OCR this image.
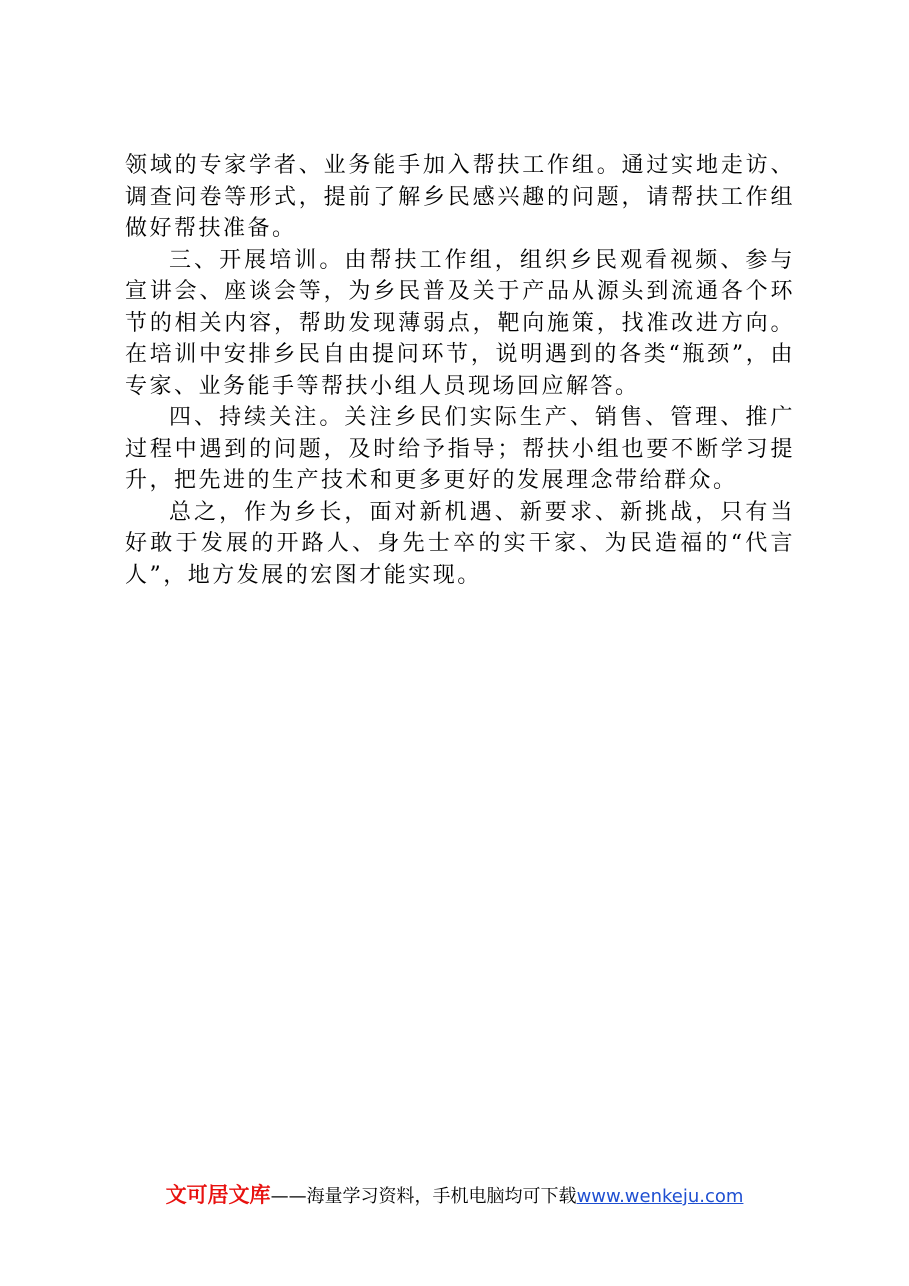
领域的专家学者、业务能手加入帮扶工作组。通过实地走访、调查问卷等形式，提前了解乡民感兴趣的问题，请帮扶工作组做好帮扶准备。

三、开展培训。由帮扶工作组，组织乡民观看视频、参与宣讲会、座谈会等，为乡民普及关于产品从源头到流通各个环节的相关内容，帮助发现薄弱点，靶向施策，找准改进方向。在培训中安排乡民自由提问环节，说明遇到的各类“瓶颈”，由专家、业务能手等帮扶小组人员现场回应解答。

四、持续关注。关注乡民们实际生产、销售、管理、推广过程中遇到的问题，及时给予指导；帮扶小组也要不断学习提升，把先进的生产技术和更多更好的发展理念带给群众。

总之，作为乡长，面对新机遇、新要求、新挑战，只有当好敢于发展的开路人、身先士卒的实干家、为民造福的“代言人”，地方发展的宏图才能实现。

文可居文库——海量学习资料，手机电脑均可下载www.wenkeju.com
